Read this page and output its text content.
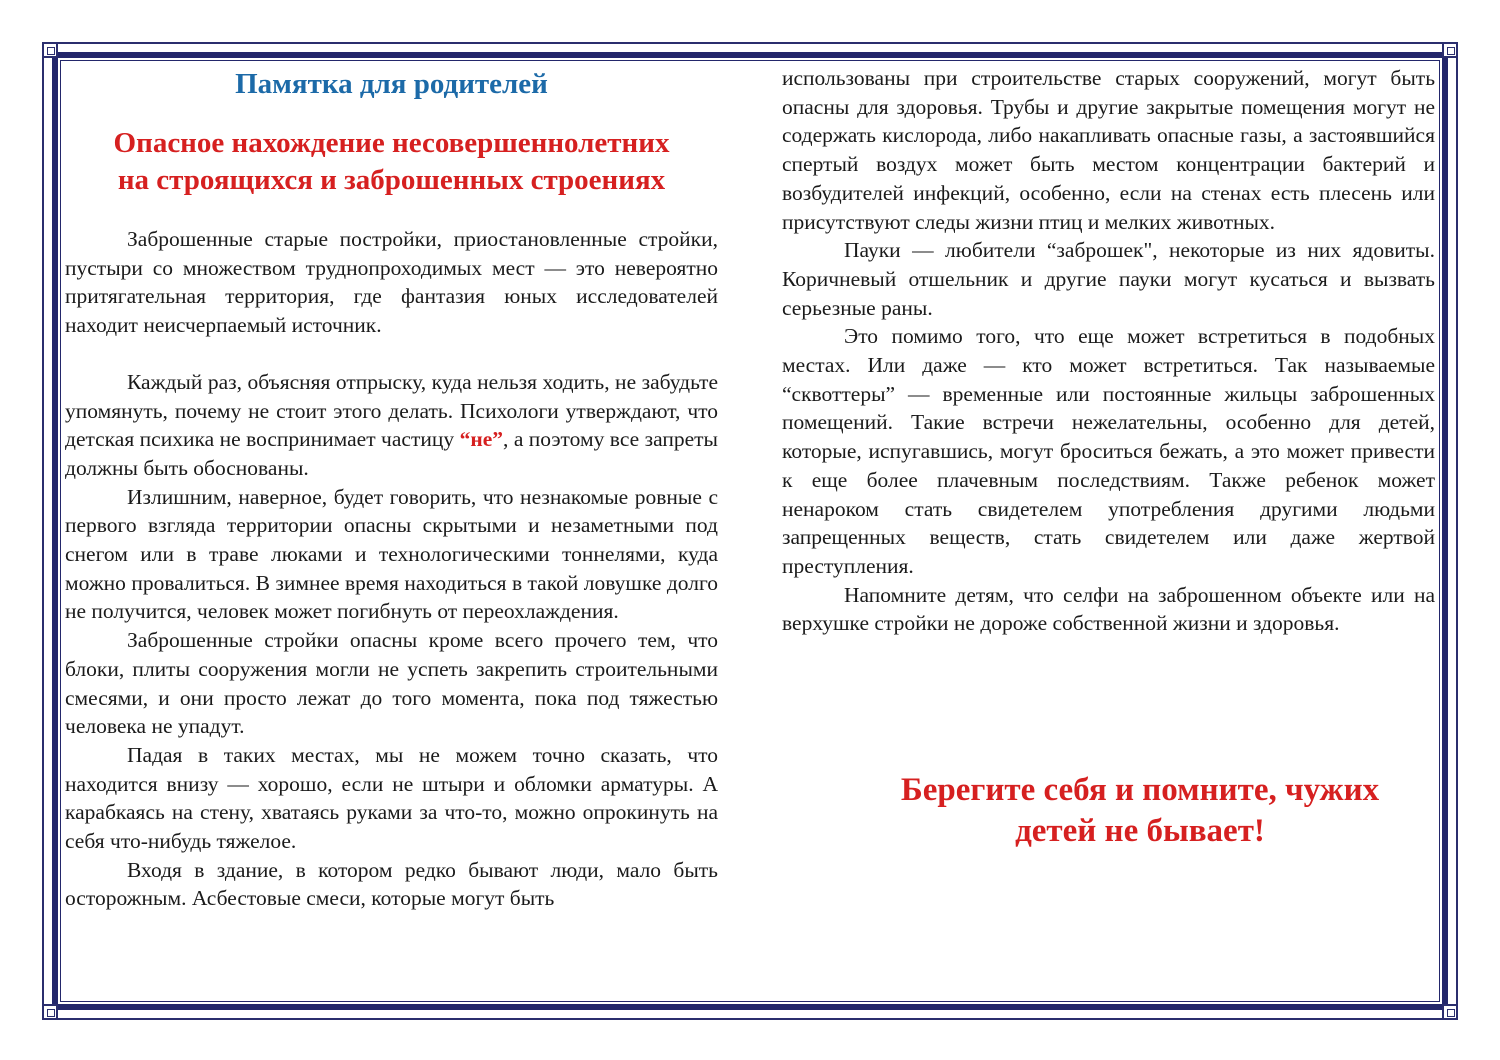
Памятка для родителей
Опасное нахождение несовершеннолетних
на строящихся и заброшенных строениях

Заброшенные старые постройки, приостановленные стройки, пустыри со множеством труднопроходимых мест — это невероятно притягательная территория, где фантазия юных исследователей находит неисчерпаемый источник.

Каждый раз, объясняя отпрыску, куда нельзя ходить, не забудьте упомянуть, почему не стоит этого делать. Психологи утверждают, что детская психика не воспринимает частицу “не”, а поэтому все запреты должны быть обоснованы.

Излишним, наверное, будет говорить, что незнакомые ровные с первого взгляда территории опасны скрытыми и незаметными под снегом или в траве люками и технологическими тоннелями, куда можно провалиться. В зимнее время находиться в такой ловушке долго не получится, человек может погибнуть от переохлаждения.

Заброшенные стройки опасны кроме всего прочего тем, что блоки, плиты сооружения могли не успеть закрепить строительными смесями, и они просто лежат до того момента, пока под тяжестью человека не упадут.

Падая в таких местах, мы не можем точно сказать, что находится внизу — хорошо, если не штыри и обломки арматуры. А карабкаясь на стену, хватаясь руками за что-то, можно опрокинуть на себя что-нибудь тяжелое.

Входя в здание, в котором редко бывают люди, мало быть осторожным. Асбестовые смеси, которые могут быть

использованы при строительстве старых сооружений, могут быть опасны для здоровья. Трубы и другие закрытые помещения могут не содержать кислорода, либо накапливать опасные газы, а застоявшийся спертый воздух может быть местом концентрации бактерий и возбудителей инфекций, особенно, если на стенах есть плесень или присутствуют следы жизни птиц и мелких животных.

Пауки — любители “заброшек", некоторые из них ядовиты. Коричневый отшельник и другие пауки могут кусаться и вызвать серьезные раны.

Это помимо того, что еще может встретиться в подобных местах. Или даже — кто может встретиться. Так называемые “сквоттеры” — временные или постоянные жильцы заброшенных помещений. Такие встречи нежелательны, особенно для детей, которые, испугавшись, могут броситься бежать, а это может привести к еще более плачевным последствиям. Также ребенок может ненароком стать свидетелем употребления другими людьми запрещенных веществ, стать свидетелем или даже жертвой преступления.

Напомните детям, что селфи на заброшенном объекте или на верхушке стройки не дороже собственной жизни и здоровья.

Берегите себя и помните, чужих
детей не бывает!
